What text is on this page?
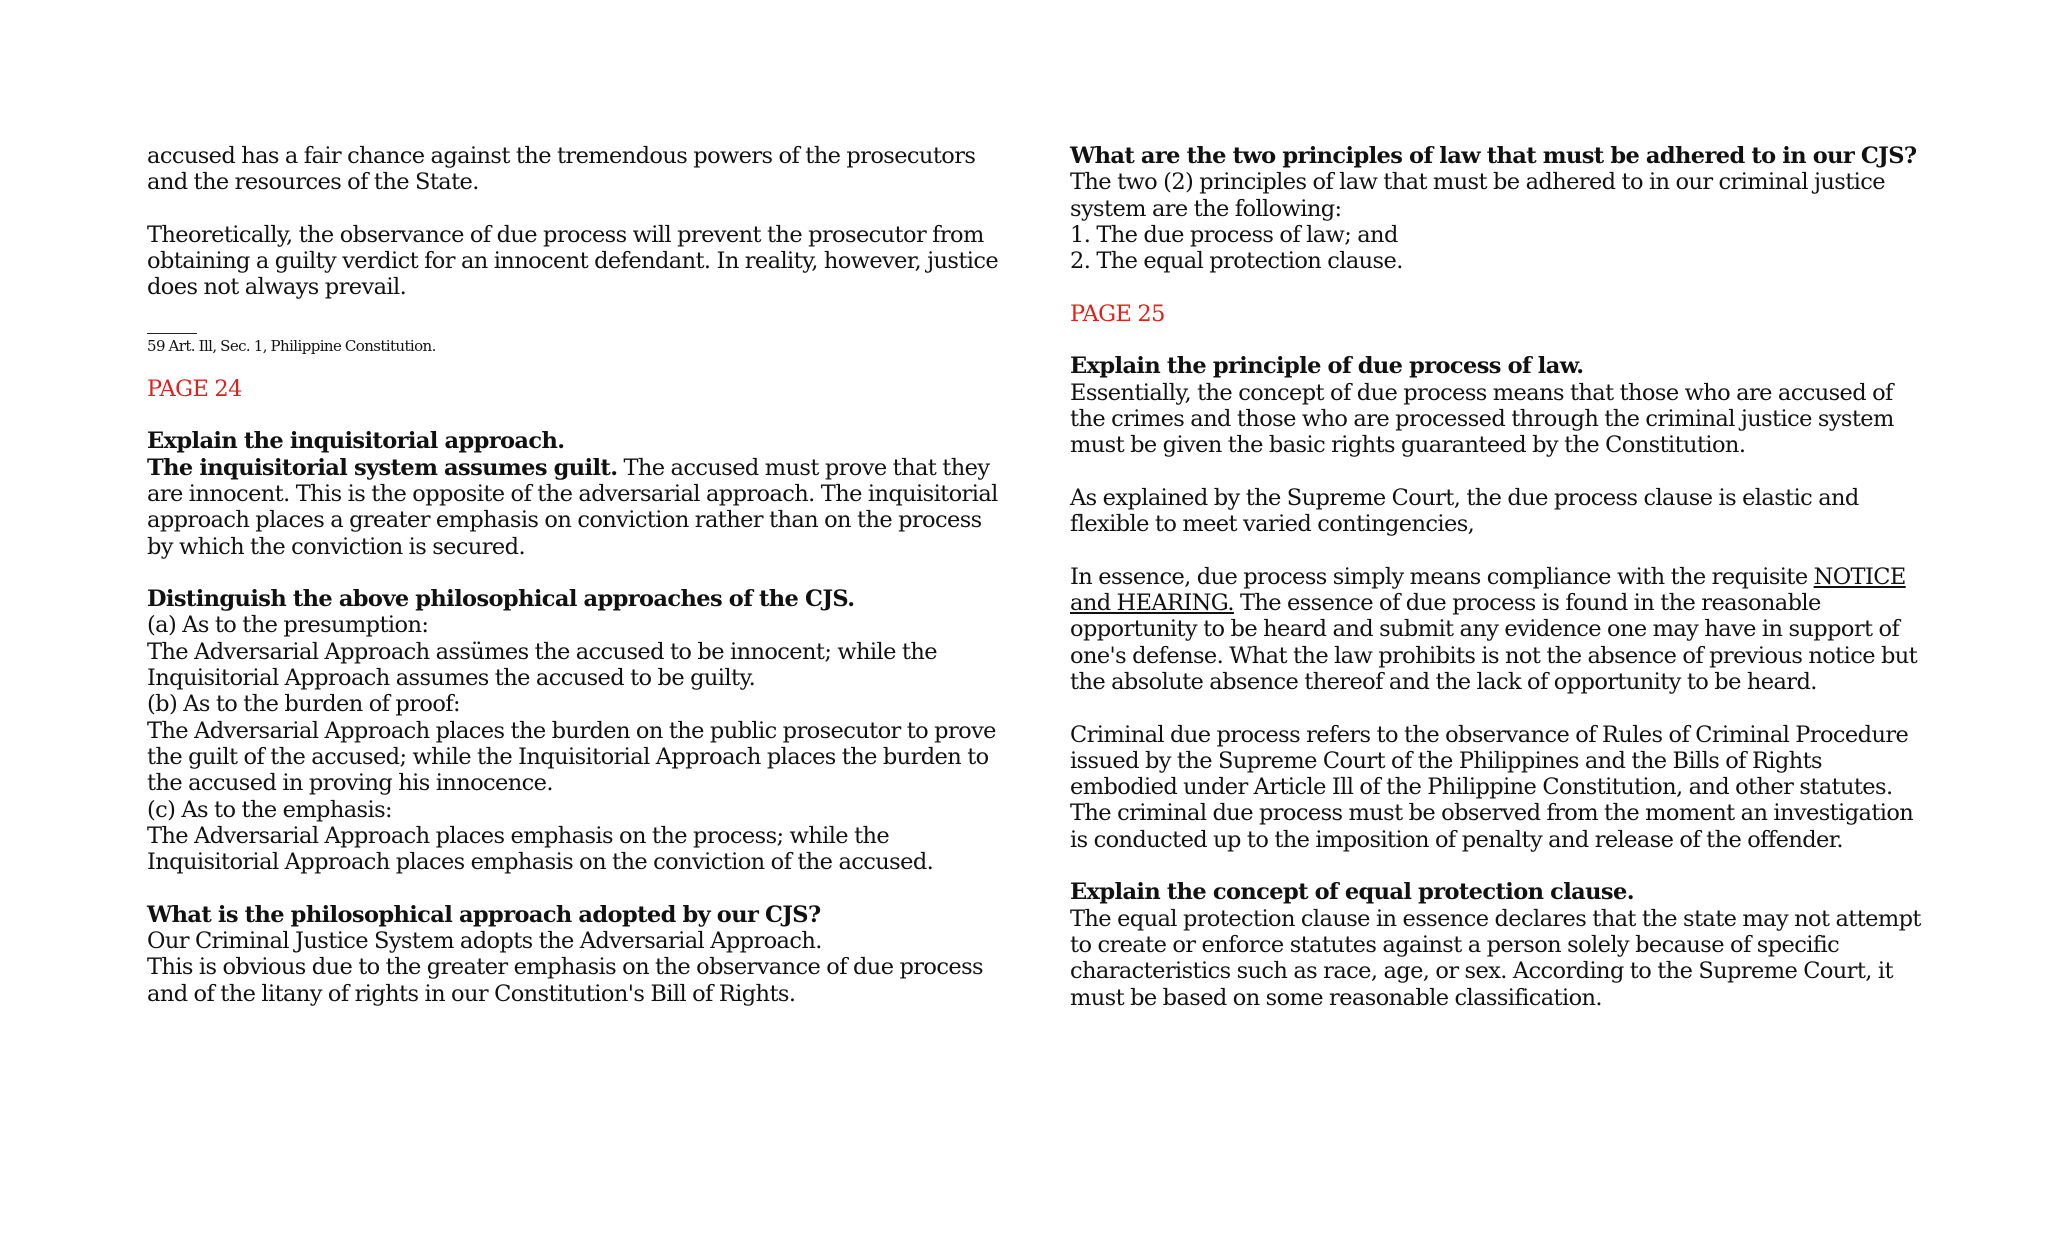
accused has a fair chance against the tremendous powers of the prosecutors and the resources of the State.

Theoretically, the observance of due process will prevent the prosecutor from obtaining a guilty verdict for an innocent defendant. In reality, however, justice does not always prevail.

59 Art. Ill, Sec. 1, Philippine Constitution.

PAGE 24

Explain the inquisitorial approach.

The inquisitorial system assumes guilt. The accused must prove that they are innocent. This is the opposite of the adversarial approach. The inquisitorial approach places a greater emphasis on conviction rather than on the process by which the conviction is secured.

Distinguish the above philosophical approaches of the CJS.

(a) As to the presumption:

The Adversarial Approach assümes the accused to be innocent; while the Inquisitorial Approach assumes the accused to be guilty.

(b) As to the burden of proof:

The Adversarial Approach places the burden on the public prosecutor to prove the guilt of the accused; while the Inquisitorial Approach places the burden to the accused in proving his innocence.

(c) As to the emphasis:

The Adversarial Approach places emphasis on the process; while the Inquisitorial Approach places emphasis on the conviction of the accused.

What is the philosophical approach adopted by our CJS?

Our Criminal Justice System adopts the Adversarial Approach.

This is obvious due to the greater emphasis on the observance of due process and of the litany of rights in our Constitution's Bill of Rights.

What are the two principles of law that must be adhered to in our CJS?

The two (2) principles of law that must be adhered to in our criminal justice system are the following:

1. The due process of law; and

2. The equal protection clause.

PAGE 25

Explain the principle of due process of law.

Essentially, the concept of due process means that those who are accused of the crimes and those who are processed through the criminal justice system must be given the basic rights guaranteed by the Constitution.

As explained by the Supreme Court, the due process clause is elastic and flexible to meet varied contingencies,

In essence, due process simply means compliance with the requisite NOTICE and HEARING. The essence of due process is found in the reasonable opportunity to be heard and submit any evidence one may have in support of one's defense. What the law prohibits is not the absence of previous notice but the absolute absence thereof and the lack of opportunity to be heard.

Criminal due process refers to the observance of Rules of Criminal Procedure issued by the Supreme Court of the Philippines and the Bills of Rights embodied under Article Ill of the Philippine Constitution, and other statutes. The criminal due process must be observed from the moment an investigation is conducted up to the imposition of penalty and release of the offender.

Explain the concept of equal protection clause.

The equal protection clause in essence declares that the state may not attempt to create or enforce statutes against a person solely because of specific characteristics such as race, age, or sex. According to the Supreme Court, it must be based on some reasonable classification.
